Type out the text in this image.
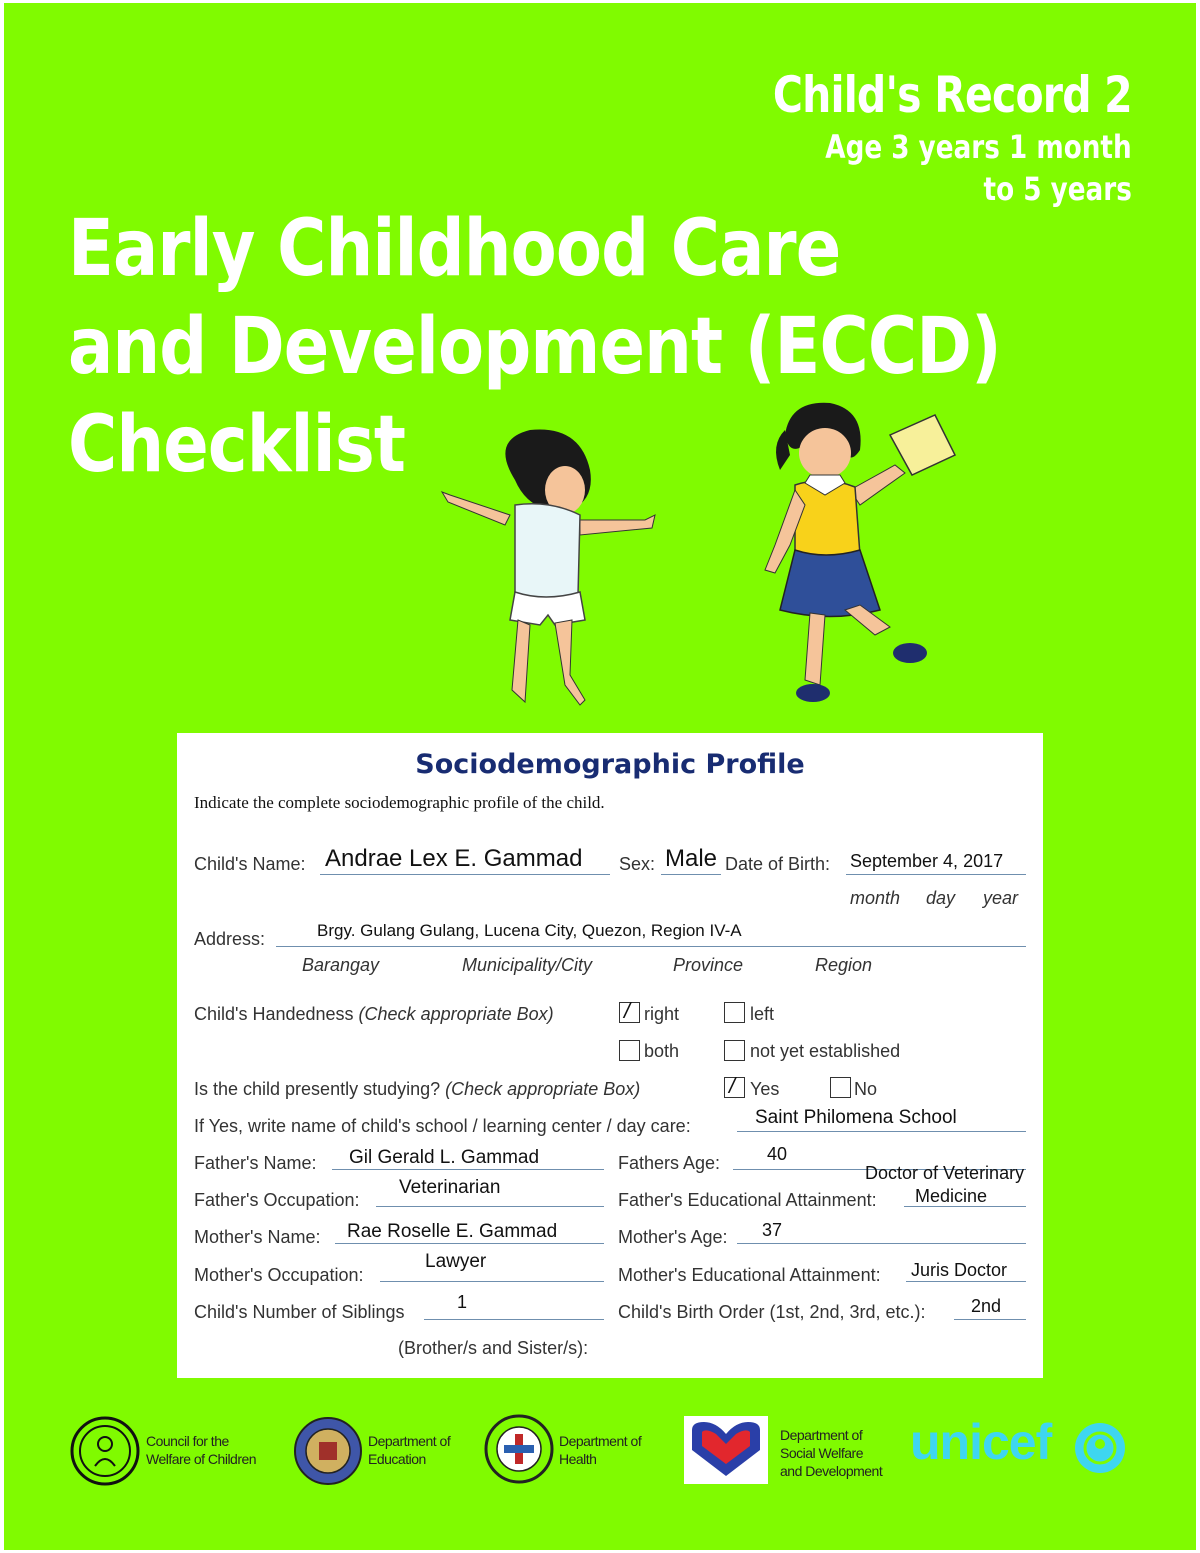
Child's Record 2
Age 3 years 1 month
to 5 years
Early Childhood Care
and Development (ECCD)
Checklist
Sociodemographic Profile
Indicate the complete sociodemographic profile of the child.
Child's Name: Andrae Lex E. Gammad Sex: Male Date of Birth: September 4, 2017
month day year
Address:	Brgy. Gulang Gulang, Lucena City, Quezon, Region IV-A
Barangay	Municipality/City	Province	Region
Child's Handedness (Check appropriate Box)	/ right	left
both	not yet established
Is the child presently studying? (Check appropriate Box)	/ Yes	No
If Yes, write name of child's school / learning center / day care:	Saint Philomena School
Father's Name: Gil Gerald L. Gammad	Fathers Age:	40
Father's Occupation:
Veterinarian
Father's Educational Attainment:
Doctor of Veterinary
Medicine
Mother's Name: Rae Roselle E. Gammad	Mother's Age: 37
Mother's Occupation:
Lawyer
Mother's Educational Attainment: Juris Doctor
Child's Number of Siblings	1	Child's Birth Order (1st, 2nd, 3rd, etc.):	2nd
(Brother/s and Sister/s):
Council for the
Welfare of Children
Department of
Education
Department of
Health
Department of
Social Welfare
and Development
unicef
